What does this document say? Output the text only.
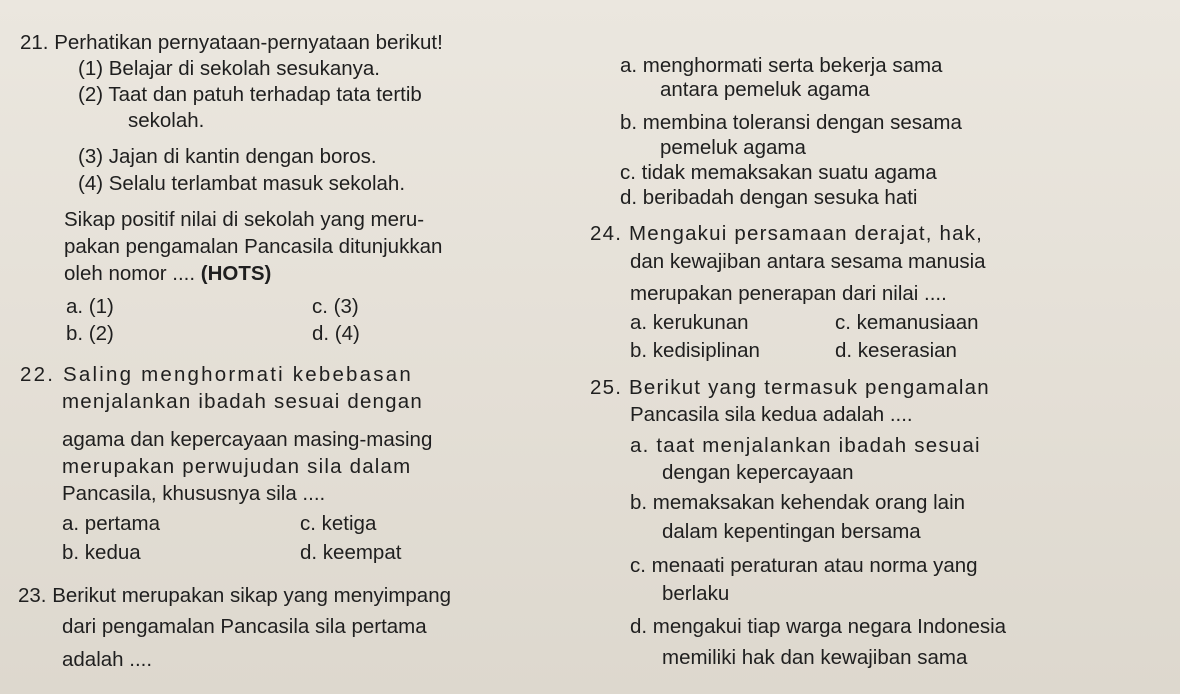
21. Perhatikan pernyataan-pernyataan berikut!
(1) Belajar di sekolah sesukanya.
(2) Taat dan patuh terhadap tata tertib
sekolah.
(3) Jajan di kantin dengan boros.
(4) Selalu terlambat masuk sekolah.
Sikap positif nilai di sekolah yang meru-
pakan pengamalan Pancasila ditunjukkan
oleh nomor .... (HOTS)
a. (1)	c. (3)
b. (2)	d. (4)
22. Saling menghormati kebebasan
menjalankan ibadah sesuai dengan
agama dan kepercayaan masing-masing
merupakan perwujudan sila dalam
Pancasila, khususnya sila ....
a. pertama	c. ketiga
b. kedua	d. keempat
23. Berikut merupakan sikap yang menyimpang
dari pengamalan Pancasila sila pertama
adalah ....
a. menghormati serta bekerja sama
antara pemeluk agama
b. membina toleransi dengan sesama
pemeluk agama
c. tidak memaksakan suatu agama
d. beribadah dengan sesuka hati
24. Mengakui persamaan derajat, hak,
dan kewajiban antara sesama manusia
merupakan penerapan dari nilai ....
a. kerukunan	c. kemanusiaan
b. kedisiplinan	d. keserasian
25. Berikut yang termasuk pengamalan
Pancasila sila kedua adalah ....
a. taat menjalankan ibadah sesuai
dengan kepercayaan
b. memaksakan kehendak orang lain
dalam kepentingan bersama
c. menaati peraturan atau norma yang
berlaku
d. mengakui tiap warga negara Indonesia
memiliki hak dan kewajiban sama
